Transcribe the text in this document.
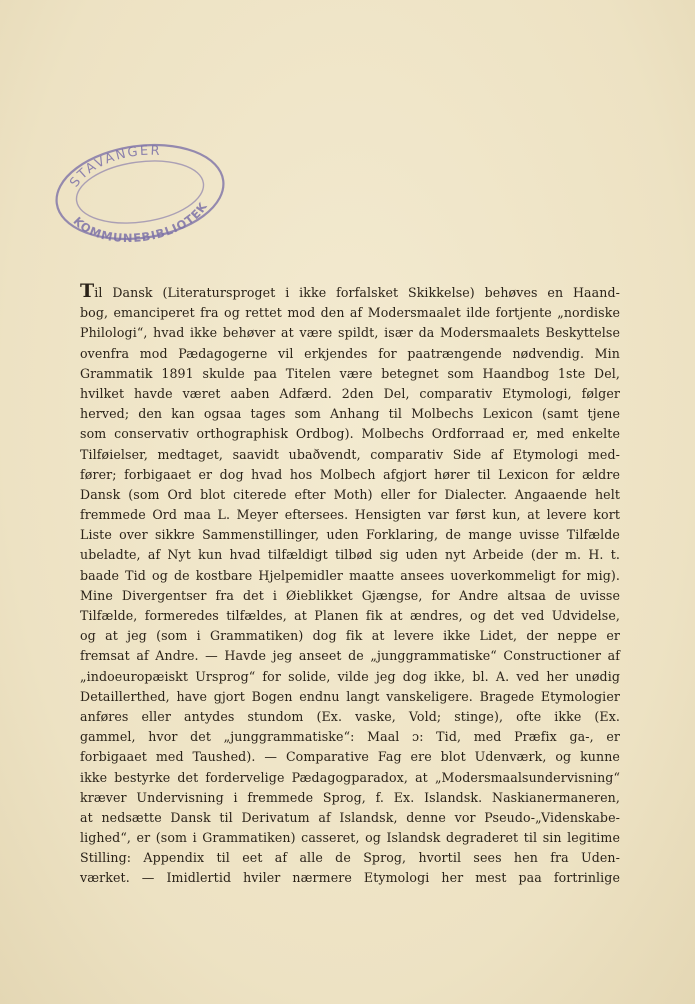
STAVANGER
KOMMUNEBIBLIOTEK
Til Dansk (Literatursproget i ikke forfalsket Skikkelse) behøves en Haand-
bog, emanciperet fra og rettet mod den af Modersmaalet ilde fortjente „nordiske
Philologi“, hvad ikke behøver at være spildt, især da Modersmaalets Beskyttelse
ovenfra mod Pædagogerne vil erkjendes for paatrængende nødvendig. Min
Grammatik 1891 skulde paa Titelen være betegnet som Haandbog 1ste Del,
hvilket havde været aaben Adfærd. 2den Del, comparativ Etymologi, følger
herved; den kan ogsaa tages som Anhang til Molbechs Lexicon (samt tjene
som conservativ orthographisk Ordbog). Molbechs Ordforraad er, med enkelte
Tilføielser, medtaget, saavidt ubaðvendt, comparativ Side af Etymologi med-
fører; forbigaaet er dog hvad hos Molbech afgjort hører til Lexicon for ældre
Dansk (som Ord blot citerede efter Moth) eller for Dialecter. Angaaende helt
fremmede Ord maa L. Meyer eftersees. Hensigten var først kun, at levere kort
Liste over sikkre Sammenstillinger, uden Forklaring, de mange uvisse Tilfælde
ubeladte, af Nyt kun hvad tilfældigt tilbød sig uden nyt Arbeide (der m. H. t.
baade Tid og de kostbare Hjelpemidler maatte ansees uoverkommeligt for mig).
Mine Divergentser fra det i Øieblikket Gjængse, for Andre altsaa de uvisse
Tilfælde, formeredes tilfældes, at Planen fik at ændres, og det ved Udvidelse,
og at jeg (som i Grammatiken) dog fik at levere ikke Lidet, der neppe er
fremsat af Andre. — Havde jeg anseet de „junggrammatiske“ Constructioner af
„indoeuropæiskt Ursprog“ for solide, vilde jeg dog ikke, bl. A. ved her unødig
Detaillerthed, have gjort Bogen endnu langt vanskeligere. Bragede Etymologier
anføres eller antydes stundom (Ex. vaske, Vold; stinge), ofte ikke (Ex.
gammel, hvor det „junggrammatiske“: Maal ɔ: Tid, med Præfix ga-, er
forbigaaet med Taushed). — Comparative Fag ere blot Udenværk, og kunne
ikke bestyrke det fordervelige Pædagogparadox, at „Modersmaalsundervisning“
kræver Undervisning i fremmede Sprog, f. Ex. Islandsk. Naskianermaneren,
at nedsætte Dansk til Derivatum af Islandsk, denne vor Pseudo-„Videnskabe-
lighed“, er (som i Grammatiken) casseret, og Islandsk degraderet til sin legitime
Stilling: Appendix til eet af alle de Sprog, hvortil sees hen fra Uden-
værket. — Imidlertid hviler nærmere Etymologi her mest paa fortrinlige
